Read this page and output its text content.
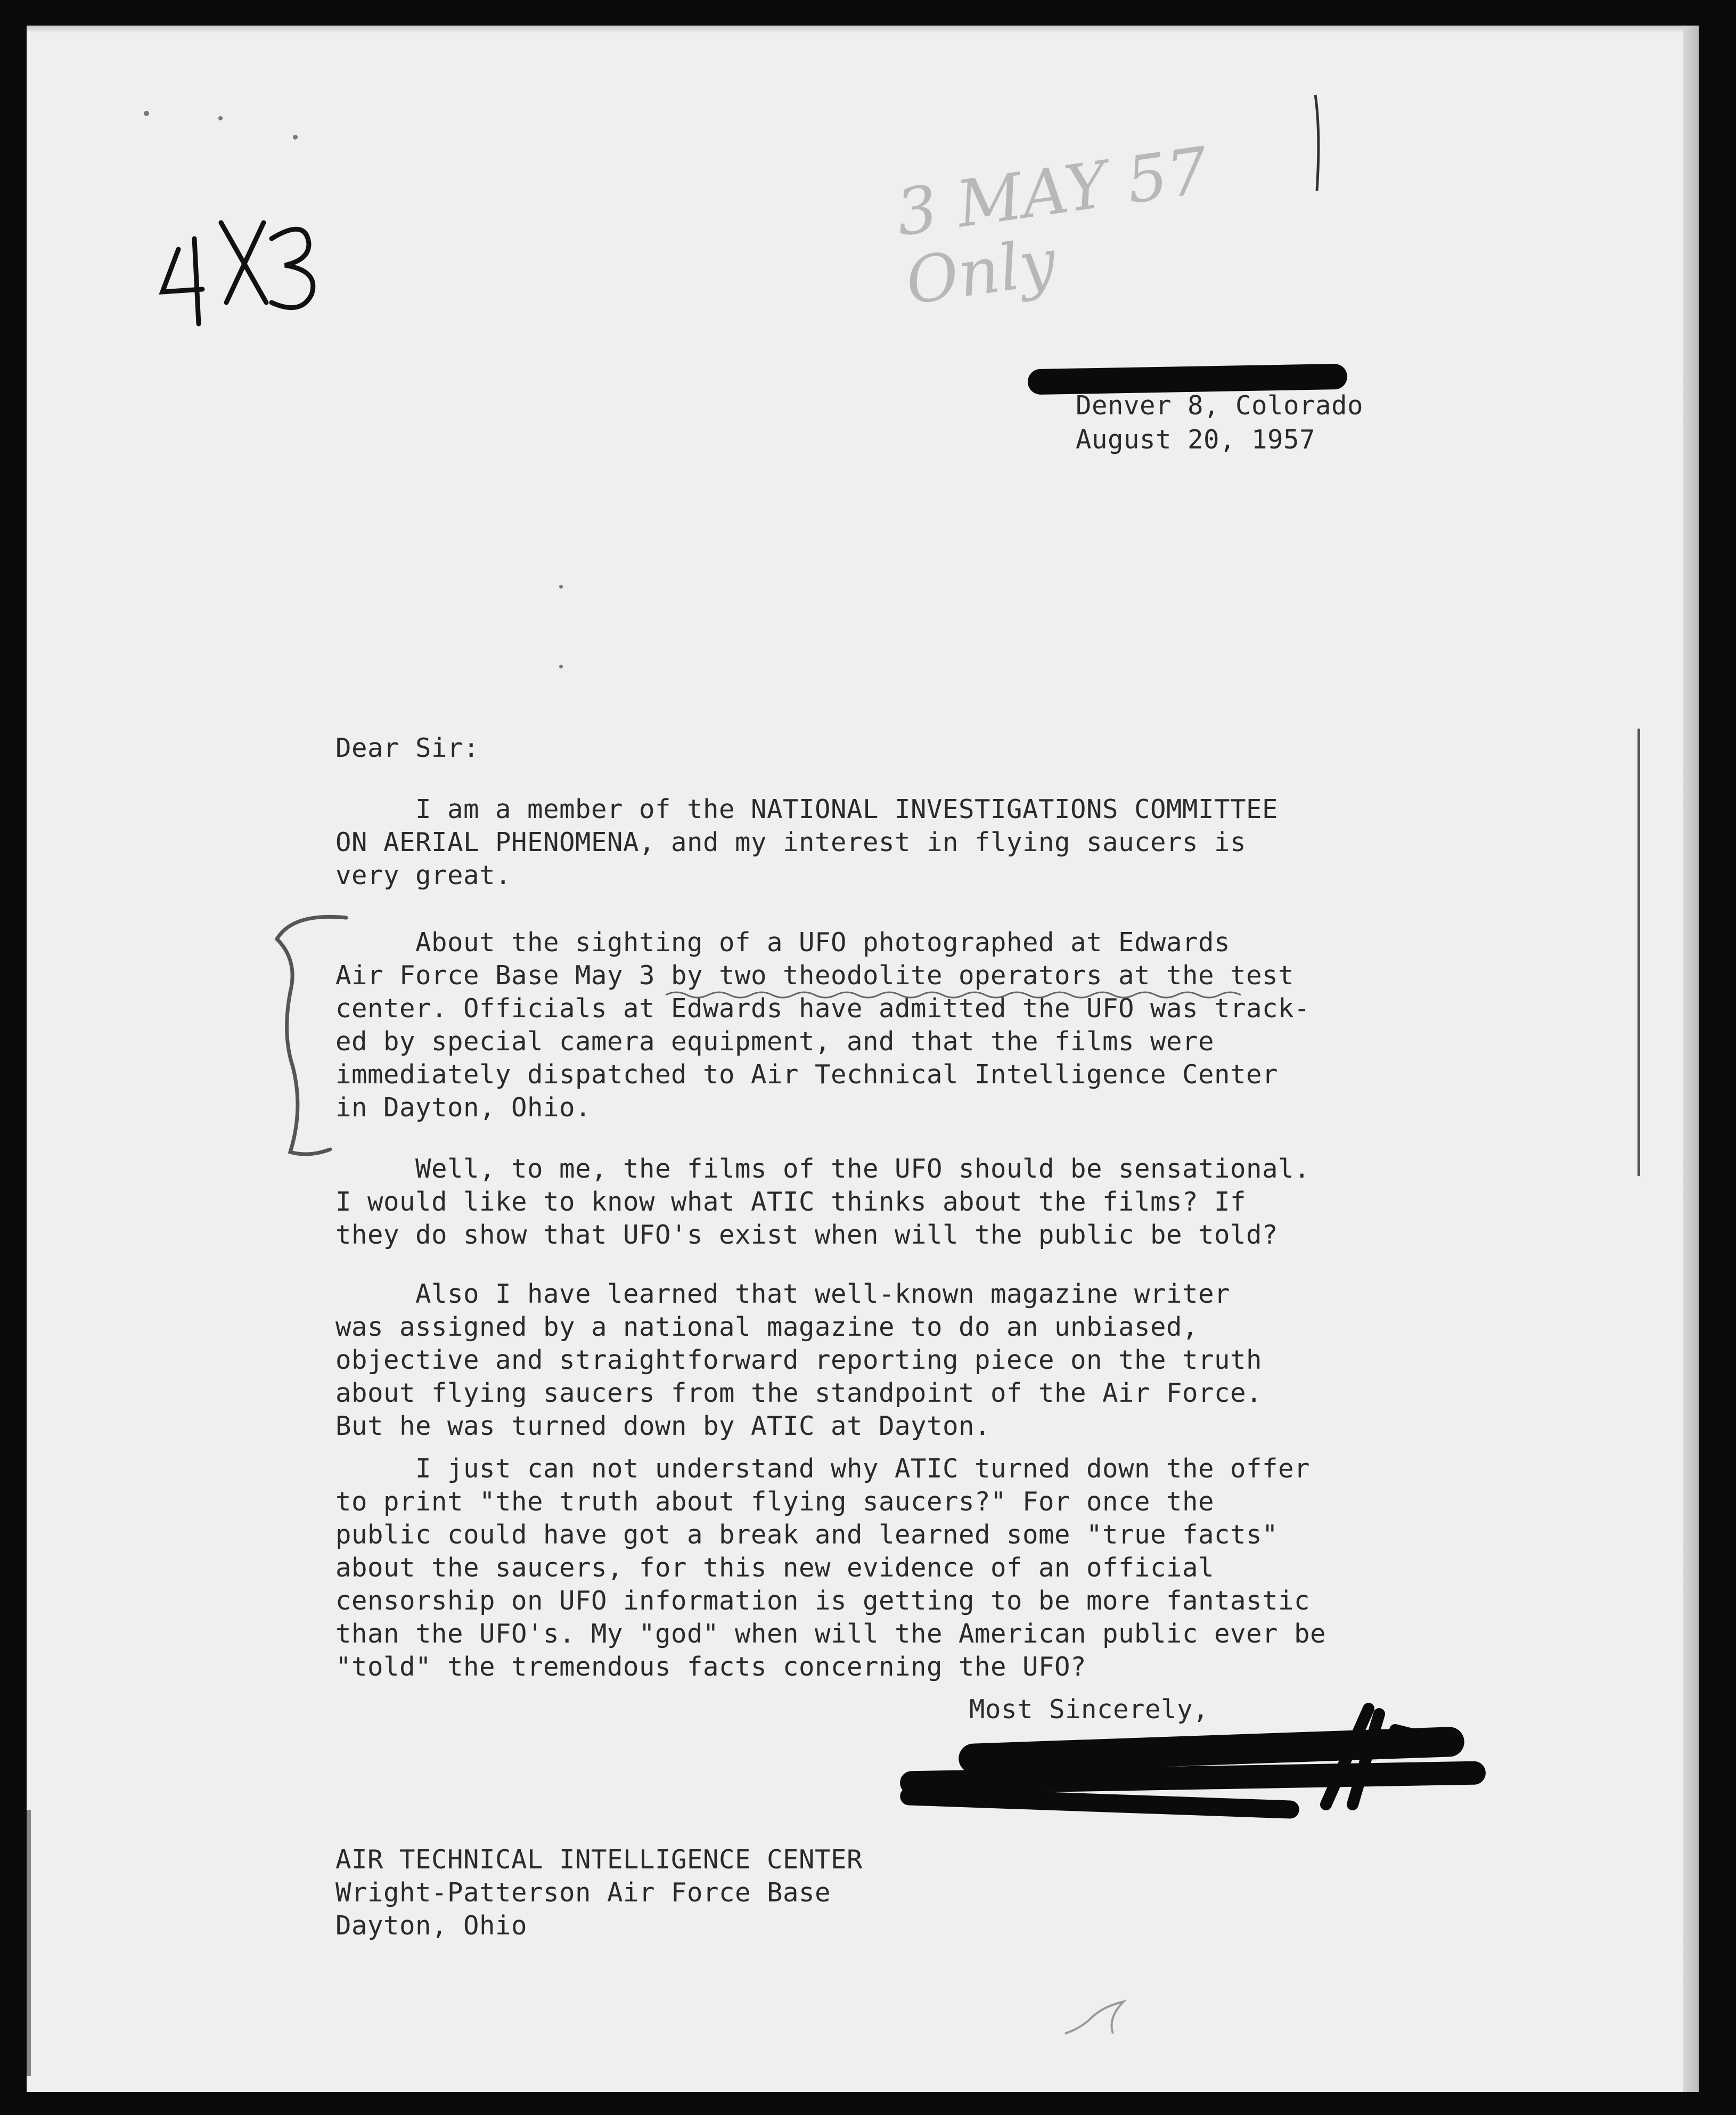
3 MAY 57 Only
Denver 8, Colorado
August 20, 1957
Dear Sir:
I am a member of the NATIONAL INVESTIGATIONS COMMITTEE
ON AERIAL PHENOMENA, and my interest in flying saucers is
very great.
About the sighting of a UFO photographed at Edwards
Air Force Base May 3 by two theodolite operators at the test
center. Officials at Edwards have admitted the UFO was track-
ed by special camera equipment, and that the films were
immediately dispatched to Air Technical Intelligence Center
in Dayton, Ohio.
Well, to me, the films of the UFO should be sensational.
I would like to know what ATIC thinks about the films? If
they do show that UFO's exist when will the public be told?
Also I have learned that well-known magazine writer
was assigned by a national magazine to do an unbiased,
objective and straightforward reporting piece on the truth
about flying saucers from the standpoint of the Air Force.
But he was turned down by ATIC at Dayton.
I just can not understand why ATIC turned down the offer
to print "the truth about flying saucers?" For once the
public could have got a break and learned some "true facts"
about the saucers, for this new evidence of an official
censorship on UFO information is getting to be more fantastic
than the UFO's. My "god" when will the American public ever be
"told" the tremendous facts concerning the UFO?
Most Sincerely,
AIR TECHNICAL INTELLIGENCE CENTER
Wright-Patterson Air Force Base
Dayton, Ohio
